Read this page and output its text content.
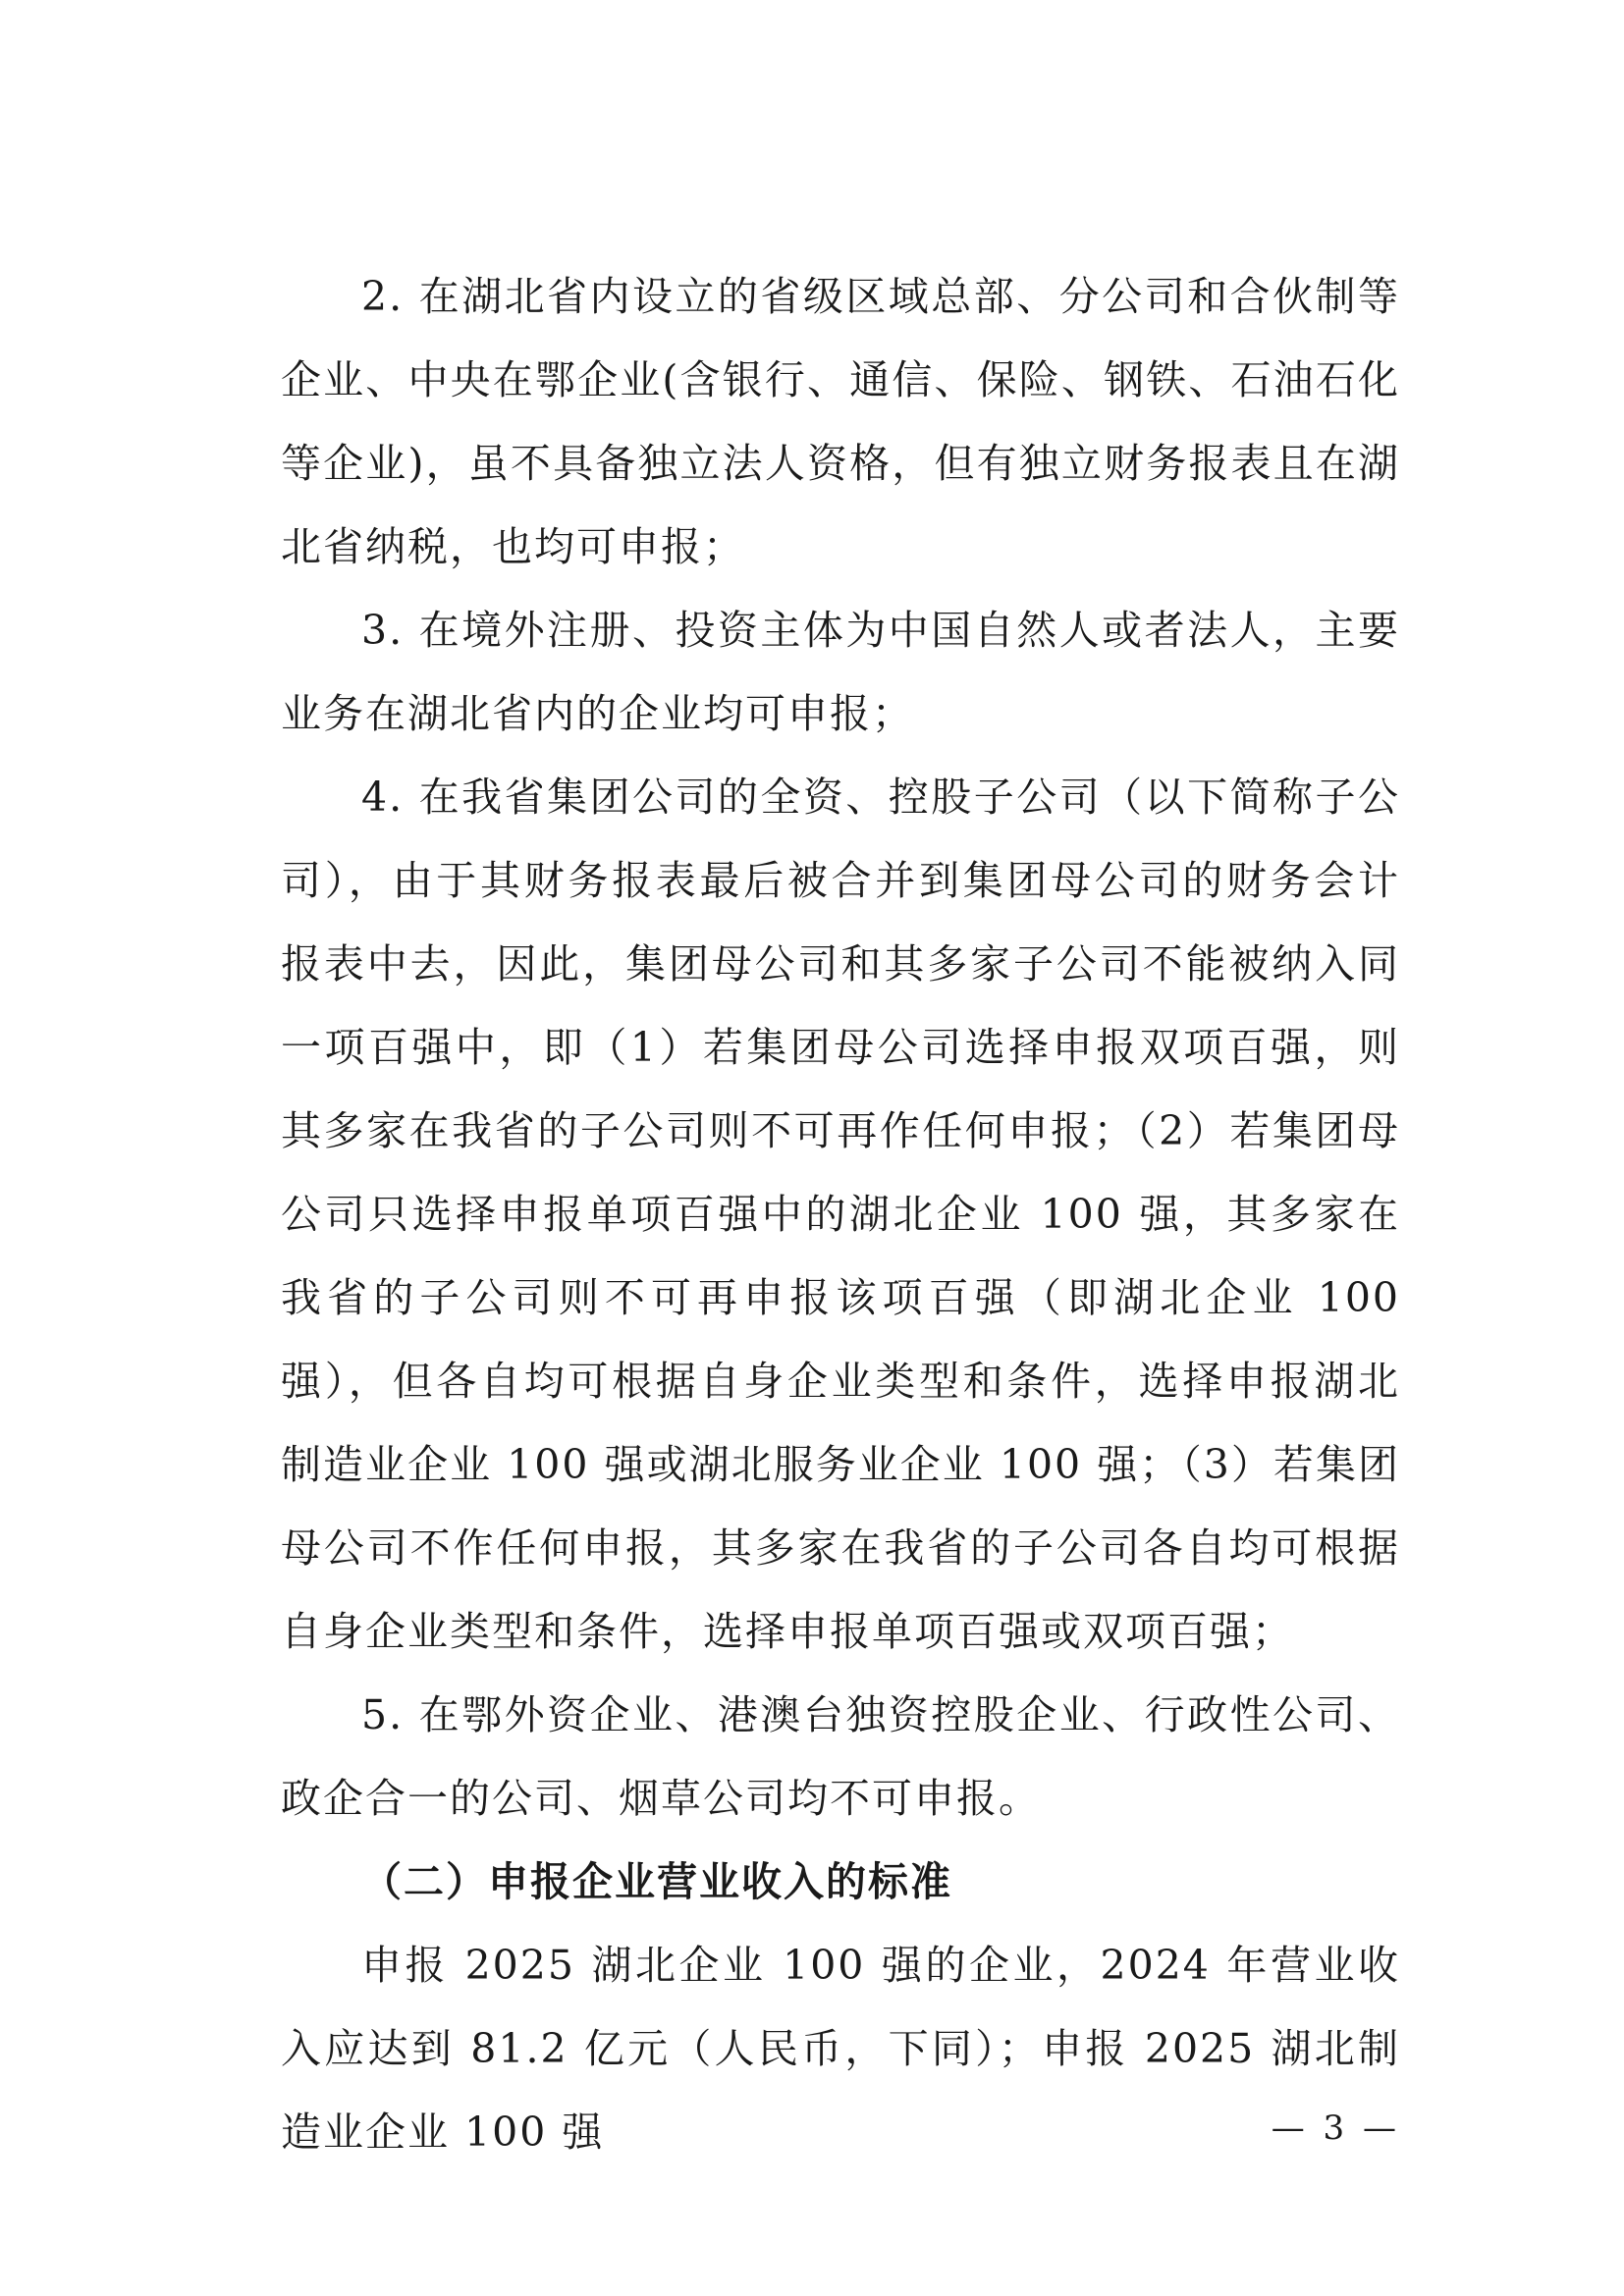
2. 在湖北省内设立的省级区域总部、分公司和合伙制等企业、中央在鄂企业(含银行、通信、保险、钢铁、石油石化等企业)，虽不具备独立法人资格，但有独立财务报表且在湖北省纳税，也均可申报；

3. 在境外注册、投资主体为中国自然人或者法人，主要业务在湖北省内的企业均可申报；

4. 在我省集团公司的全资、控股子公司（以下简称子公司），由于其财务报表最后被合并到集团母公司的财务会计报表中去，因此，集团母公司和其多家子公司不能被纳入同一项百强中，即（1）若集团母公司选择申报双项百强，则其多家在我省的子公司则不可再作任何申报；（2）若集团母公司只选择申报单项百强中的湖北企业 100 强，其多家在我省的子公司则不可再申报该项百强（即湖北企业 100 强），但各自均可根据自身企业类型和条件，选择申报湖北制造业企业 100 强或湖北服务业企业 100 强；（3）若集团母公司不作任何申报，其多家在我省的子公司各自均可根据自身企业类型和条件，选择申报单项百强或双项百强；

5. 在鄂外资企业、港澳台独资控股企业、行政性公司、政企合一的公司、烟草公司均不可申报。

（二）申报企业营业收入的标准

申报 2025 湖北企业 100 强的企业，2024 年营业收入应达到 81.2 亿元（人民币，下同）；申报 2025 湖北制造业企业 100 强	— 3 —
